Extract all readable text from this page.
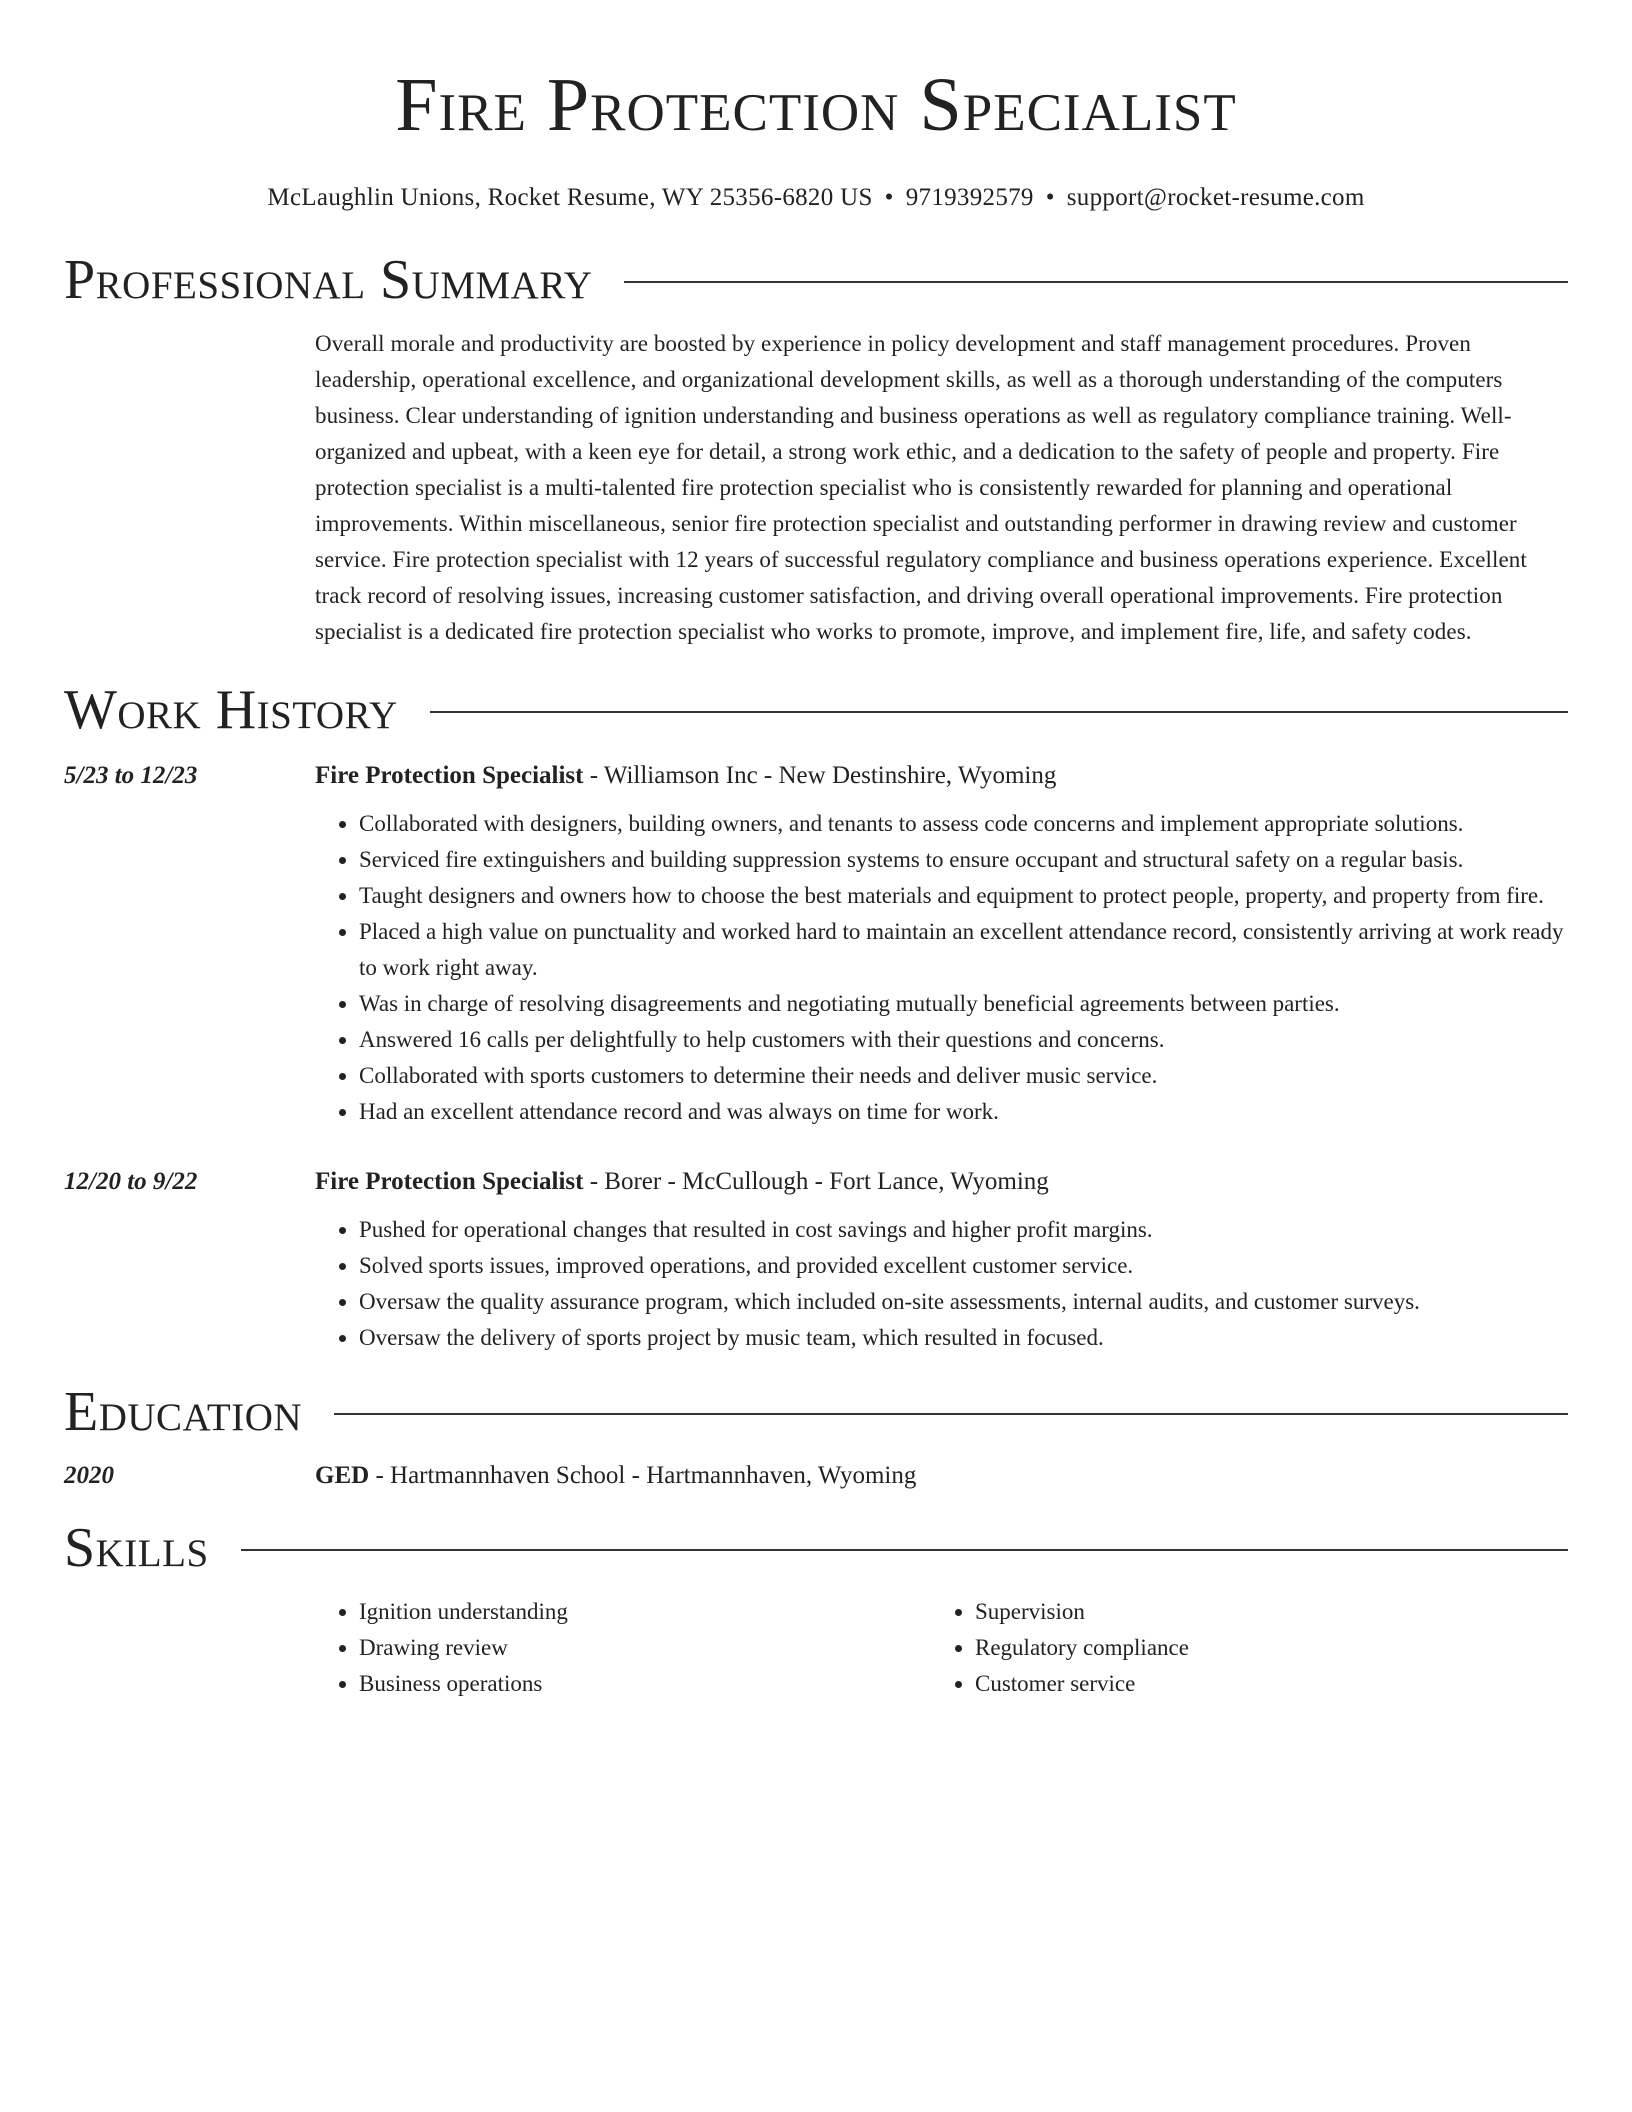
Fire Protection Specialist
McLaughlin Unions, Rocket Resume, WY 25356-6820 US • 9719392579 • support@rocket-resume.com
Professional Summary
Overall morale and productivity are boosted by experience in policy development and staff management procedures. Proven leadership, operational excellence, and organizational development skills, as well as a thorough understanding of the computers business. Clear understanding of ignition understanding and business operations as well as regulatory compliance training. Well-organized and upbeat, with a keen eye for detail, a strong work ethic, and a dedication to the safety of people and property. Fire protection specialist is a multi-talented fire protection specialist who is consistently rewarded for planning and operational improvements. Within miscellaneous, senior fire protection specialist and outstanding performer in drawing review and customer service. Fire protection specialist with 12 years of successful regulatory compliance and business operations experience. Excellent track record of resolving issues, increasing customer satisfaction, and driving overall operational improvements. Fire protection specialist is a dedicated fire protection specialist who works to promote, improve, and implement fire, life, and safety codes.
Work History
5/23 to 12/23	Fire Protection Specialist - Williamson Inc - New Destinshire, Wyoming
• Collaborated with designers, building owners, and tenants to assess code concerns and implement appropriate solutions.
• Serviced fire extinguishers and building suppression systems to ensure occupant and structural safety on a regular basis.
• Taught designers and owners how to choose the best materials and equipment to protect people, property, and property from fire.
• Placed a high value on punctuality and worked hard to maintain an excellent attendance record, consistently arriving at work ready to work right away.
• Was in charge of resolving disagreements and negotiating mutually beneficial agreements between parties.
• Answered 16 calls per delightfully to help customers with their questions and concerns.
• Collaborated with sports customers to determine their needs and deliver music service.
• Had an excellent attendance record and was always on time for work.
12/20 to 9/22	Fire Protection Specialist - Borer - McCullough - Fort Lance, Wyoming
• Pushed for operational changes that resulted in cost savings and higher profit margins.
• Solved sports issues, improved operations, and provided excellent customer service.
• Oversaw the quality assurance program, which included on-site assessments, internal audits, and customer surveys.
• Oversaw the delivery of sports project by music team, which resulted in focused.
Education
2020	GED - Hartmannhaven School - Hartmannhaven, Wyoming
Skills
• Ignition understanding
• Drawing review
• Business operations
• Supervision
• Regulatory compliance
• Customer service
